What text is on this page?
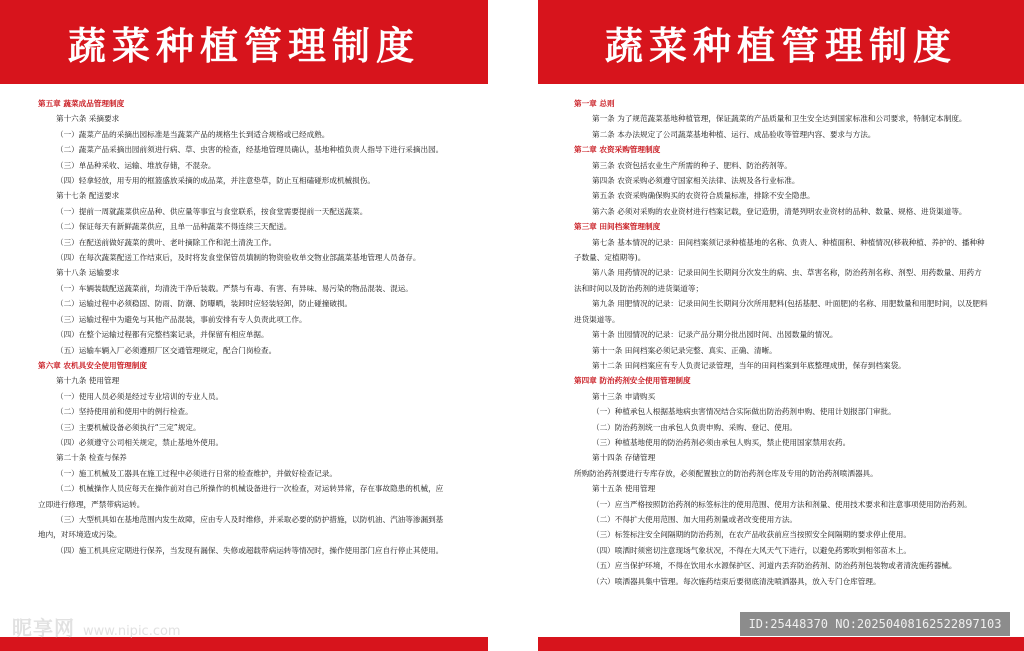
蔬菜种植管理制度
第五章 蔬菜成品管理制度
第十六条 采摘要求
（一）蔬菜产品的采摘出园标准是当蔬菜产品的规格生长到适合规格或已经成熟。
（二）蔬菜产品采摘出园前须进行病、草、虫害的检查，经基地管理员确认，基地种植负责人指导下进行采摘出园。
（三）单品种采收、运输、堆放存储，不混杂。
（四）轻拿轻放，用专用的框篮盛放采摘的成品菜，并注意垫草，防止互相磕碰形成机械损伤。
第十七条 配送要求
（一）提前一周就蔬菜供应品种、供应量等事宜与食堂联系，按食堂需要提前一天配送蔬菜。
（二）保证每天有新鲜蔬菜供应，且单一品种蔬菜不得连续三天配送。
（三）在配送前做好蔬菜的黄叶、老叶摘除工作和泥土清洗工作。
（四）在每次蔬菜配送工作结束后，及时将发食堂保管员填制的物资验收单交物业部蔬菜基地管理人员备存。
第十八条 运输要求
（一）车辆装载配送蔬菜前，均清洗干净后装载。严禁与有毒、有害、有异味、易污染的物品混装、混运。
（二）运输过程中必须稳固、防雨、防潮、防曝晒，装卸时应轻装轻卸，防止碰撞破损。
（三）运输过程中为避免与其他产品混装，事前安排有专人负责此项工作。
（四）在整个运输过程都有完整档案记录，并保留有相应单据。
（五）运输车辆入厂必须遵照厂区交通管理规定，配合门岗检查。
第六章 农机具安全使用管理制度
第十九条 使用管理
（一）使用人员必须是经过专业培训的专业人员。
（二）坚持使用前和使用中的例行检查。
（三）主要机械设备必须执行“三定”规定。
（四）必须遵守公司相关规定，禁止基地外使用。
第二十条 检查与保养
（一）施工机械及工器具在施工过程中必须进行日常的检查维护，并做好检查记录。
（二）机械操作人员应每天在操作前对自己所操作的机械设备进行一次检查，对运转异常，存在事故隐患的机械，应立即进行修理，严禁带病运转。
（三）大型机具如在基地范围内发生故障，应由专人及时维修，并采取必要的防护措施，以防机油、汽油等渗漏到基地内，对环境造成污染。
（四）施工机具应定期进行保养，当发现有漏保、失修或超载带病运转等情况时，操作使用部门应自行停止其使用。
蔬菜种植管理制度
第一章 总则
第一条 为了规范蔬菜基地种植管理，保证蔬菜的产品质量和卫生安全达到国家标准和公司要求，特制定本制度。
第二条 本办法规定了公司蔬菜基地种植、运行、成品验收等管理内容、要求与方法。
第二章 农资采购管理制度
第三条 农资包括农业生产所需的种子、肥料、防治药剂等。
第四条 农资采购必须遵守国家相关法律、法规及各行业标准。
第五条 农资采购确保购买的农资符合质量标准，排除不安全隐患。
第六条 必须对采购的农业资材进行档案记载，登记造册，清楚列明农业资材的品种、数量、规格、进货渠道等。
第三章 田间档案管理制度
第七条 基本情况的记录：田间档案须记录种植基地的名称、负责人、种植面积、种植情况(移栽种植、养护的、播种种子数量、定植期等)。
第八条 用药情况的记录：记录田间生长期间分次发生的病、虫、草害名称，防治药剂名称、剂型、用药数量、用药方法和时间以及防治药剂的进货渠道等；
第九条 用肥情况的记录：记录田间生长期间分次所用肥料(包括基肥、叶面肥)的名称、用肥数量和用肥时间，以及肥料进货渠道等。
第十条 出园情况的记录：记录产品分期分批出园时间、出园数量的情况。
第十一条 田间档案必须记录完整、真实、正确、清晰。
第十二条 田间档案应有专人负责记录管理，当年的田间档案到年底整理成册，保存到档案袋。
第四章 防治药剂安全使用管理制度
第十三条 申请购买
（一）种植承包人根据基地病虫害情况结合实际做出防治药剂申购、使用计划报部门审批。
（二）防治药剂统一由承包人负责申购、采购、登记、使用。
（三）种植基地使用的防治药剂必须由承包人购买，禁止使用国家禁用农药。
第十四条 存储管理
所购防治药剂要进行专库存放，必须配置独立的防治药剂仓库及专用的防治药剂喷洒器具。
第十五条 使用管理
（一）应当严格按照防治药剂的标签标注的使用范围、使用方法和剂量、使用技术要求和注意事项使用防治药剂。
（二）不得扩大使用范围、加大用药剂量或者改变使用方法。
（三）标签标注安全间隔期的防治药剂，在农产品收获前应当按照安全间隔期的要求停止使用。
（四）喷洒时须密切注意现场气象状况，不得在大风天气下进行，以避免药雾吹到相邻苗木上。
（五）应当保护环境，不得在饮用水水源保护区、河道内丢弃防治药剂、防治药剂包装物或者清洗施药器械。
（六）喷洒器具集中管理。每次施药结束后要彻底清洗喷洒器具，放入专门仓库管理。
昵享网 www.nipic.com	ID:25448370 NO:20250408162522897103
